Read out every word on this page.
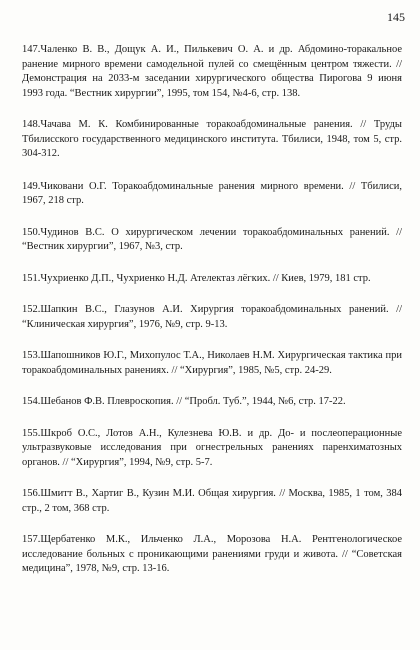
145

147.Чаленко В. В., Дощук А. И., Пилькевич О. А. и др. Абдомино-торакальное ранение мирного времени самодельной пулей со смещённым центром тяжести. // Демонстрация на 2033-м заседании хирургического общества Пирогова 9 июня 1993 года. “Вестник хирургии”, 1995, том 154, №4-6, стр. 138.

148.Чачава М. К. Комбинированные торакоабдоминальные ранения. // Труды Тбилисского государственного медицинского института. Тбилиси, 1948, том 5, стр. 304-312.

149.Чиковани О.Г. Торакоабдоминальные ранения мирного времени. // Тбилиси, 1967, 218 стр.

150.Чудинов В.С. О хирургическом лечении торакоабдоминальных ранений. // “Вестник хирургии”, 1967, №3, стр.

151.Чухриенко Д.П., Чухриенко Н.Д. Ателектаз лёгких. // Киев, 1979, 181 стр.

152.Шапкин В.С., Глазунов А.И. Хирургия торакоабдоминальных ранений. // “Клиническая хирургия”, 1976, №9, стр. 9-13.

153.Шапошников Ю.Г., Михопулос Т.А., Николаев Н.М. Хирургическая тактика при торакоабдоминальных ранениях. // “Хирургия”, 1985, №5, стр. 24-29.

154.Шебанов Ф.В. Плевроскопия. // “Пробл. Туб.”, 1944, №6, стр. 17-22.

155.Шкроб О.С., Лотов А.Н., Кулезнева Ю.В. и др. До- и послеоперационные ультразвуковые исследования при огнестрельных ранениях паренхиматозных органов. // “Хирургия”, 1994, №9, стр. 5-7.

156.Шмитт В., Хартиг В., Кузин М.И. Общая хирургия. // Москва, 1985, 1 том, 384 стр., 2 том, 368 стр.

157.Щербатенко М.К., Ильченко Л.А., Морозова Н.А. Рентгенологическое исследование больных с проникающими ранениями груди и живота. // “Советская медицина”, 1978, №9, стр. 13-16.
